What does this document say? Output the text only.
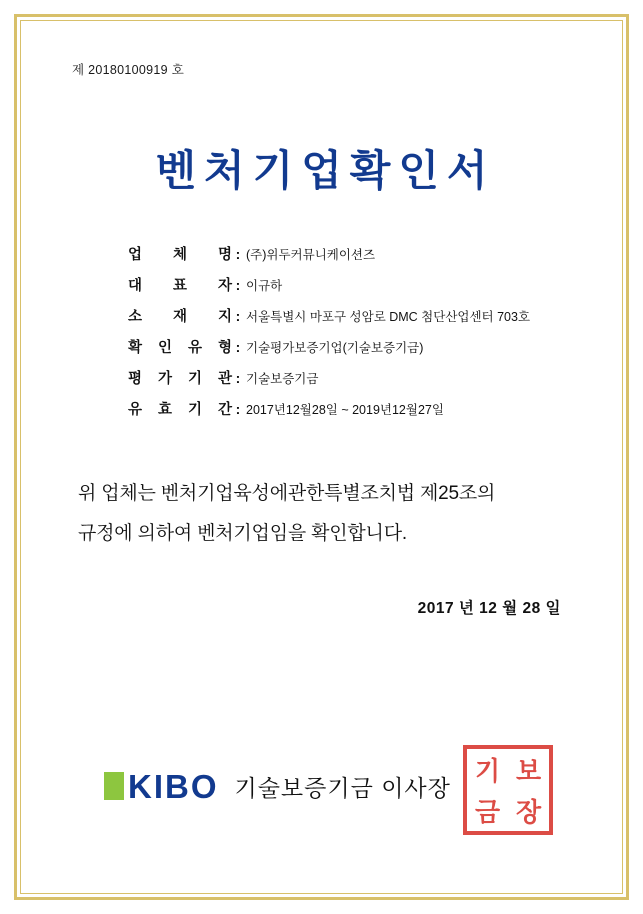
제 20180100919 호
벤처기업확인서
업 체 명 : (주)위두커뮤니케이션즈
대 표 자 : 이규하
소 재 지 : 서울특별시 마포구 성암로 DMC 첨단산업센터 703호
확 인 유 형 : 기술평가보증기업(기술보증기금)
평 가 기 관 : 기술보증기금
유 효 기 간 : 2017년12월28일 ~ 2019년12월27일
위 업체는 벤처기업육성에관한특별조치법 제25조의
규정에 의하여 벤처기업임을 확인합니다.
2017 년 12 월 28 일
KIBO 기술보증기금 이사장
기 보
금 장
